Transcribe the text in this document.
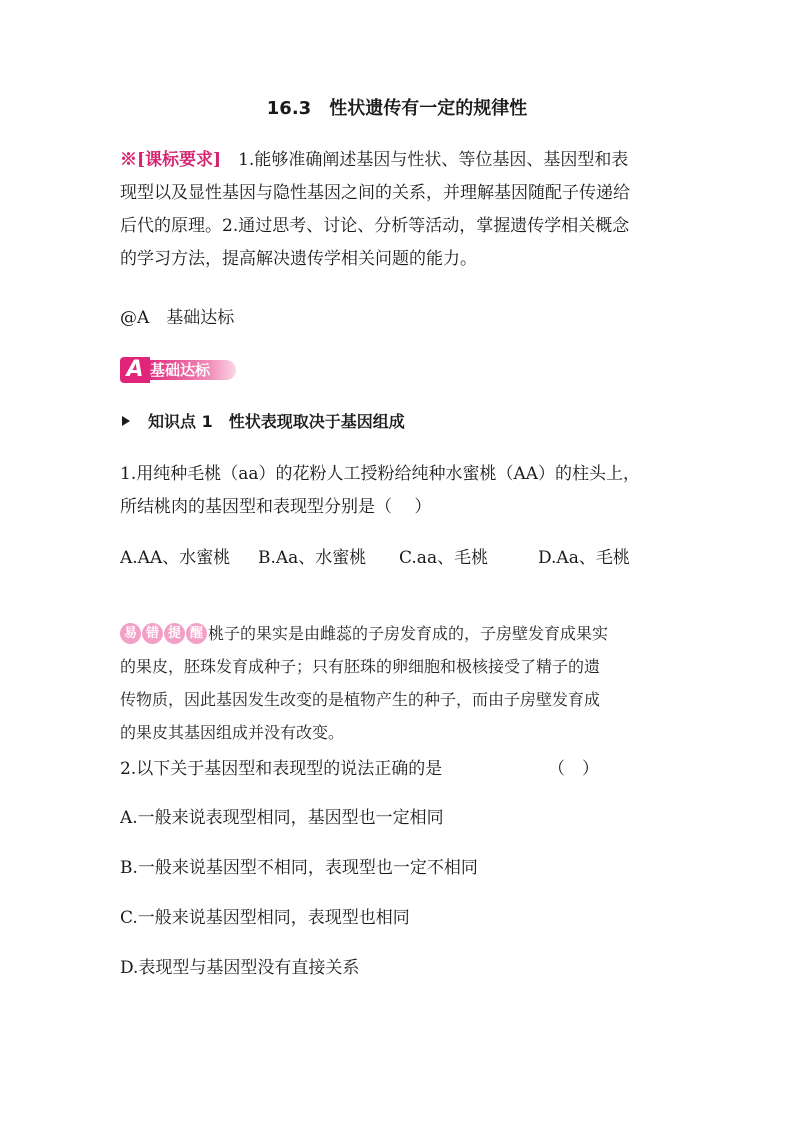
16.3　性状遗传有一定的规律性
※[课标要求]　1.能够准确阐述基因与性状、等位基因、基因型和表
现型以及显性基因与隐性基因之间的关系，并理解基因随配子传递给
后代的原理。2.通过思考、讨论、分析等活动，掌握遗传学相关概念
的学习方法，提高解决遗传学相关问题的能力。
@A　基础达标
基础达标
A
知识点 1　性状表现取决于基因组成
1.用纯种毛桃（aa）的花粉人工授粉给纯种水蜜桃（AA）的柱头上，
所结桃肉的基因型和表现型分别是（　 ）
A.AA、水蜜桃 B.Aa、水蜜桃 C.aa、毛桃	D.Aa、毛桃
易 错 提 醒 桃子的果实是由雌蕊的子房发育成的，子房壁发育成果实
的果皮，胚珠发育成种子；只有胚珠的卵细胞和极核接受了精子的遗
传物质，因此基因发生改变的是植物产生的种子，而由子房壁发育成
的果皮其基因组成并没有改变。
2.以下关于基因型和表现型的说法正确的是	（　）
A.一般来说表现型相同，基因型也一定相同
B.一般来说基因型不相同，表现型也一定不相同
C.一般来说基因型相同，表现型也相同
D.表现型与基因型没有直接关系
